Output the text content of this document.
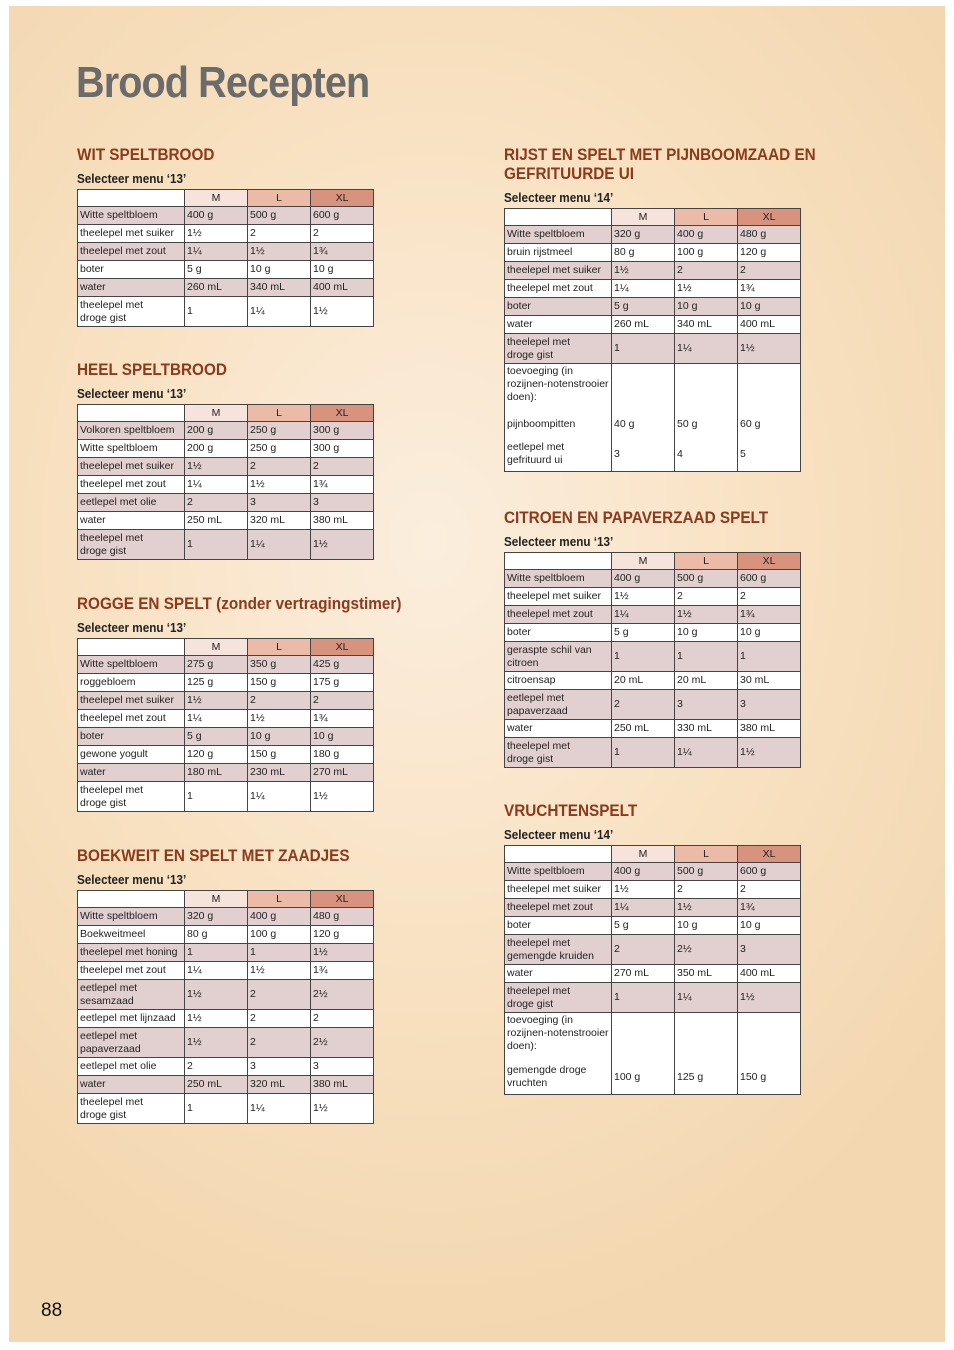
Brood Recepten
WIT SPELTBROOD
Selecteer menu ‘13’
	M	L	XL
Witte speltbloem	400 g	500 g	600 g
theelepel met suiker	1½	2	2
theelepel met zout	1¼	1½	1¾
boter	5 g	10 g	10 g
water	260 mL	340 mL	400 mL

theelepel met
droge gist	1	1¼	1½
HEEL SPELTBROOD
Selecteer menu ‘13’
	M	L	XL
Volkoren speltbloem	200 g	250 g	300 g
Witte speltbloem	200 g	250 g	300 g
theelepel met suiker	1½	2	2
theelepel met zout	1¼	1½	1¾
eetlepel met olie	2	3	3
water	250 mL	320 mL	380 mL

theelepel met
droge gist	1	1¼	1½
ROGGE EN SPELT (zonder vertragingstimer)
Selecteer menu ‘13’
	M	L	XL
Witte speltbloem	275 g	350 g	425 g
roggebloem	125 g	150 g	175 g
theelepel met suiker	1½	2	2
theelepel met zout	1¼	1½	1¾
boter	5 g	10 g	10 g
gewone yogult	120 g	150 g	180 g
water	180 mL	230 mL	270 mL

theelepel met
droge gist	1	1¼	1½
BOEKWEIT EN SPELT MET ZAADJES
Selecteer menu ‘13’
	M	L	XL
Witte speltbloem	320 g	400 g	480 g
Boekweitmeel	80 g	100 g	120 g
theelepel met honing	1	1	1½
theelepel met zout	1¼	1½	1¾

eetlepel met
sesamzaad	1½	2	2½
eetlepel met lijnzaad	1½	2	2

eetlepel met
papaverzaad	1½	2	2½
eetlepel met olie	2	3	3
water	250 mL	320 mL	380 mL

theelepel met
droge gist	1	1¼	1½
RIJST EN SPELT MET PIJNBOOMZAAD EN
GEFRITUURDE UI
Selecteer menu ‘14’
	M	L	XL
Witte speltbloem	320 g	400 g	480 g
bruin rijstmeel	80 g	100 g	120 g
theelepel met suiker	1½	2	2
theelepel met zout	1¼	1½	1¾
boter	5 g	10 g	10 g
water	260 mL	340 mL	400 mL

theelepel met
droge gist	1	1¼	1½

toevoeging (in
rozijnen-notenstrooier
doen):			

pijnboompitten	40 g	50 g	60 g

eetlepel met
gefrituurd ui	3	4	5
CITROEN EN PAPAVERZAAD SPELT
Selecteer menu ‘13’
	M	L	XL
Witte speltbloem	400 g	500 g	600 g
theelepel met suiker	1½	2	2
theelepel met zout	1¼	1½	1¾
boter	5 g	10 g	10 g

geraspte schil van
citroen	1	1	1
citroensap	20 mL	20 mL	30 mL

eetlepel met
papaverzaad	2	3	3
water	250 mL	330 mL	380 mL

theelepel met
droge gist	1	1¼	1½
VRUCHTENSPELT
Selecteer menu ‘14’
	M	L	XL
Witte speltbloem	400 g	500 g	600 g
theelepel met suiker	1½	2	2
theelepel met zout	1¼	1½	1¾
boter	5 g	10 g	10 g

theelepel met
gemengde kruiden	2	2½	3
water	270 mL	350 mL	400 mL

theelepel met
droge gist	1	1¼	1½

toevoeging (in
rozijnen-notenstrooier
doen):			

gemengde droge
vruchten	100 g	125 g	150 g
88
